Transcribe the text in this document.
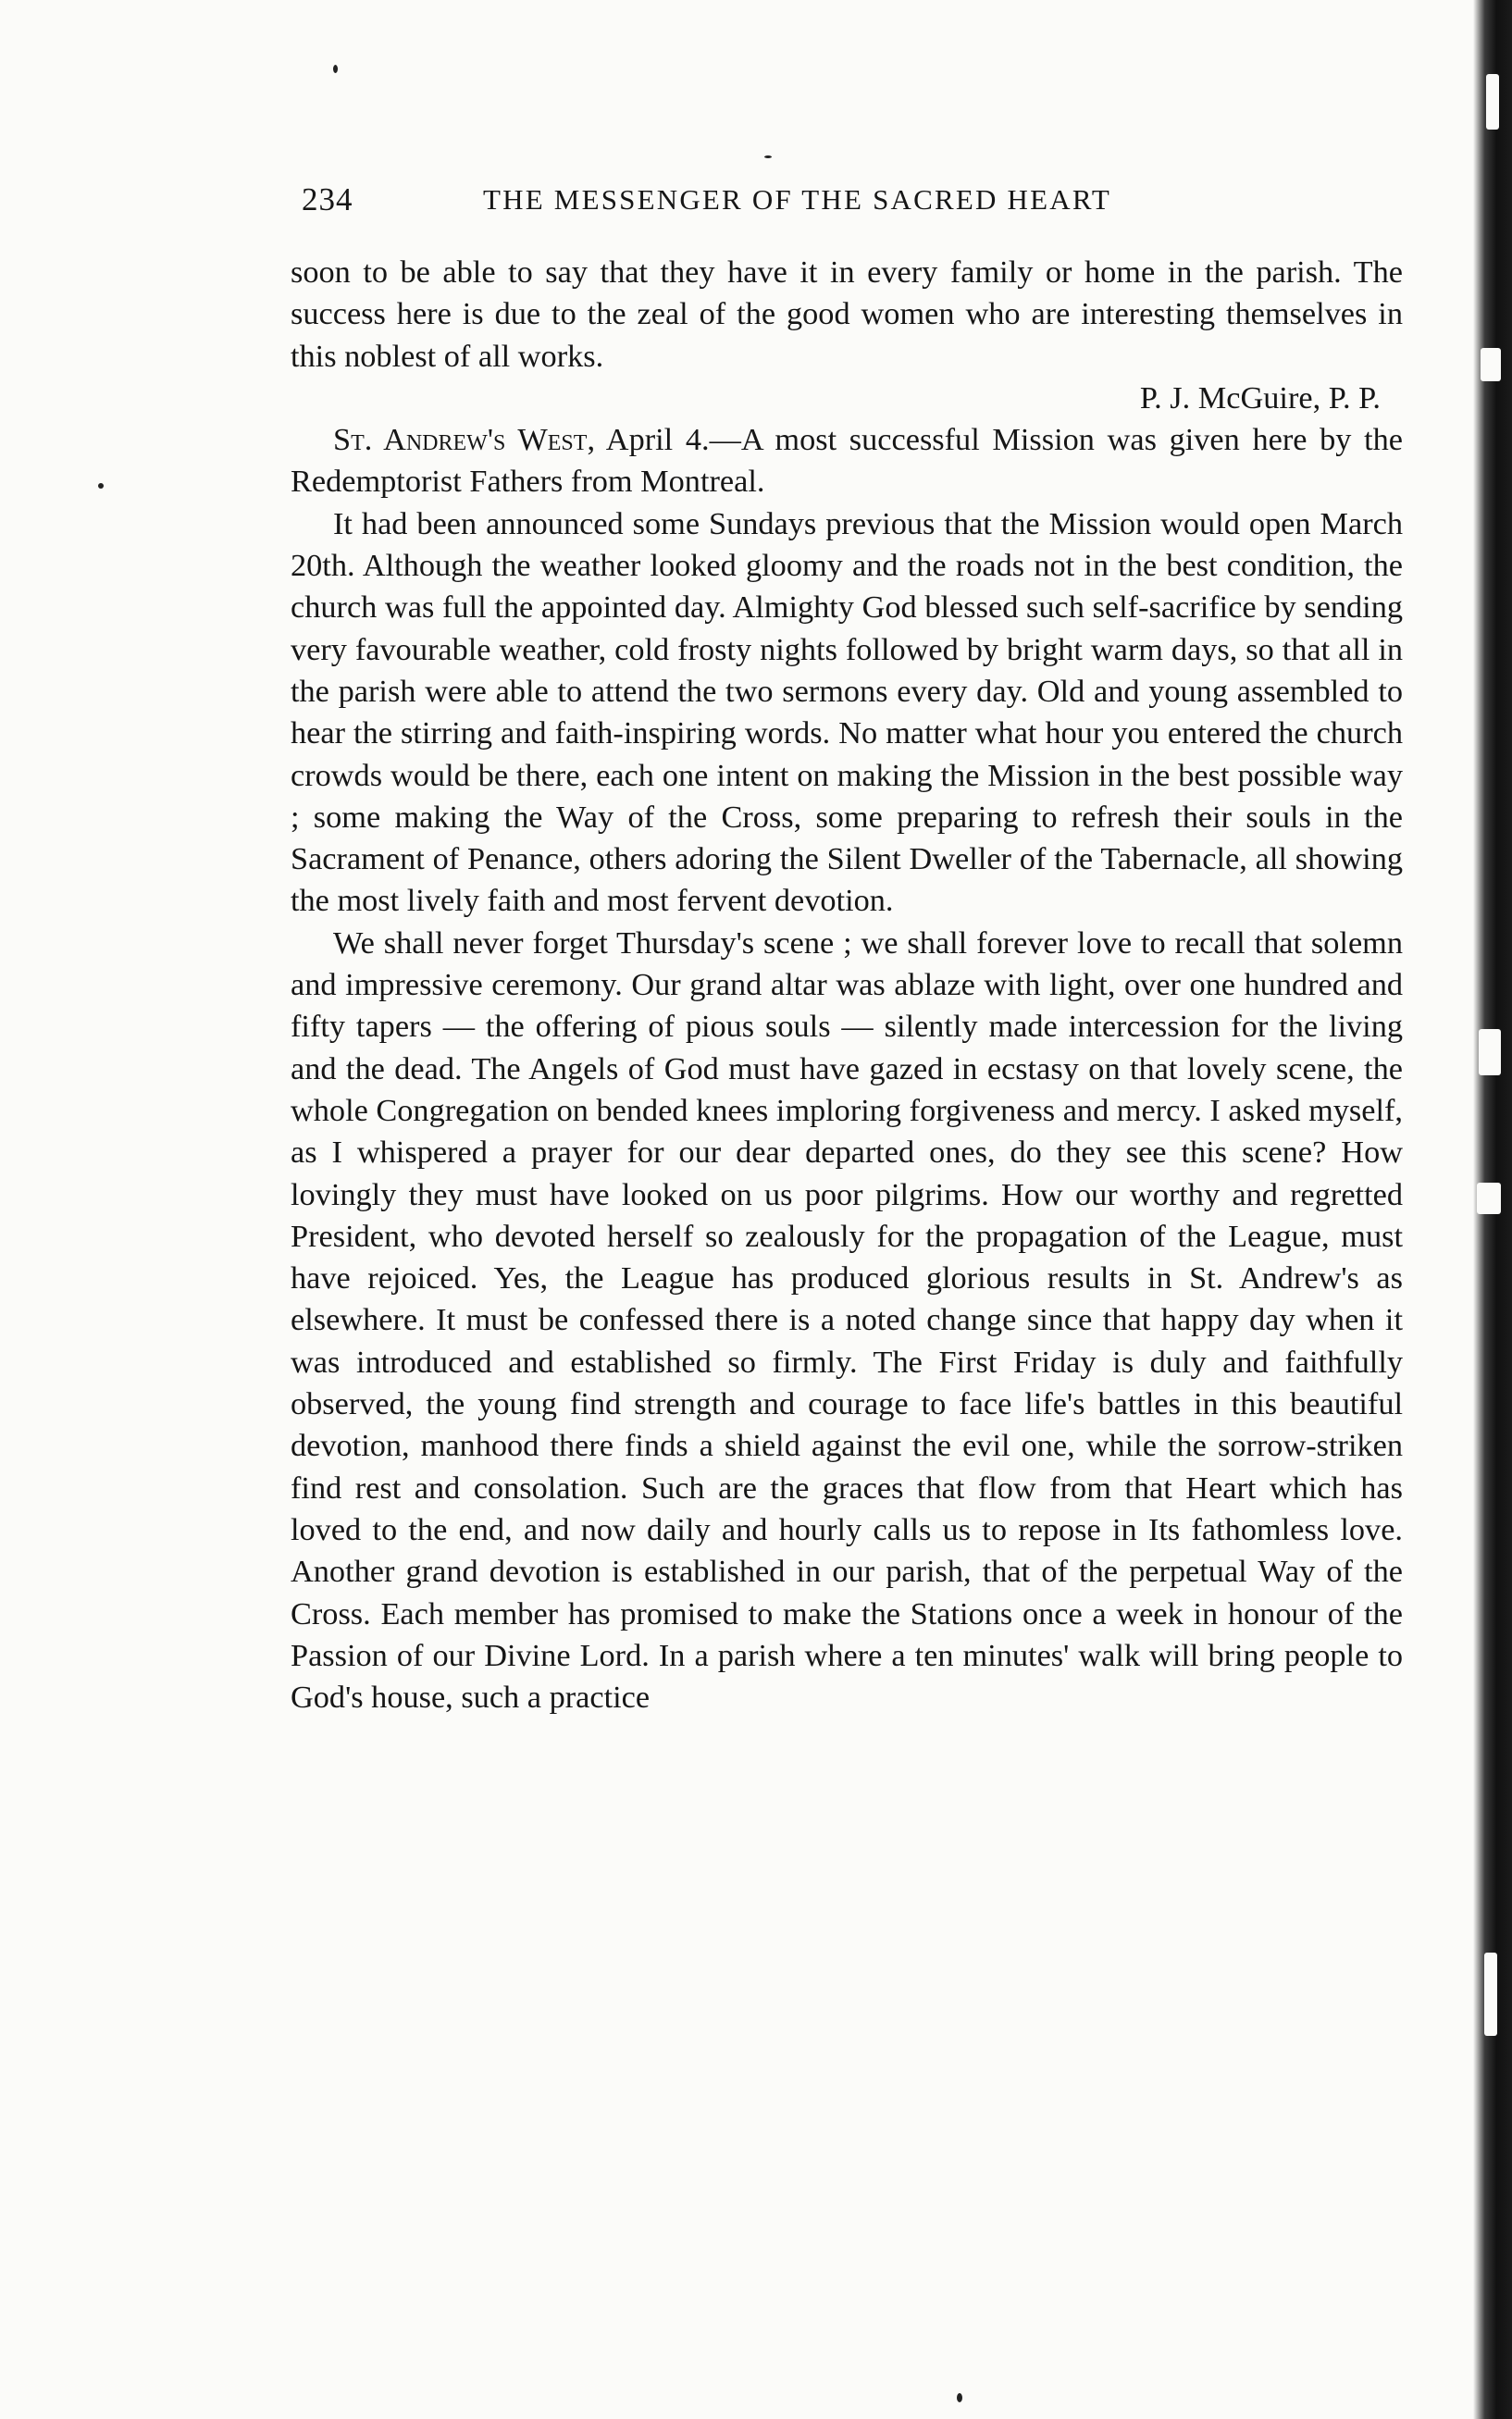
234	THE MESSENGER OF THE SACRED HEART

soon to be able to say that they have it in every family or home in the parish. The success here is due to the zeal of the good women who are interesting themselves in this noblest of all works.

P. J. McGuire, P. P.

St. Andrew's West, April 4.—A most successful Mission was given here by the Redemptorist Fathers from Montreal.

It had been announced some Sundays previous that the Mission would open March 20th. Although the weather looked gloomy and the roads not in the best condition, the church was full the appointed day. Almighty God blessed such self-sacrifice by sending very favourable weather, cold frosty nights followed by bright warm days, so that all in the parish were able to attend the two sermons every day. Old and young assembled to hear the stirring and faith-inspiring words. No matter what hour you entered the church crowds would be there, each one intent on making the Mission in the best possible way ; some making the Way of the Cross, some preparing to refresh their souls in the Sacrament of Penance, others adoring the Silent Dweller of the Tabernacle, all showing the most lively faith and most fervent devotion.

We shall never forget Thursday's scene ; we shall forever love to recall that solemn and impressive ceremony. Our grand altar was ablaze with light, over one hundred and fifty tapers — the offering of pious souls — silently made intercession for the living and the dead. The Angels of God must have gazed in ecstasy on that lovely scene, the whole Congregation on bended knees imploring forgiveness and mercy. I asked myself, as I whispered a prayer for our dear departed ones, do they see this scene? How lovingly they must have looked on us poor pilgrims. How our worthy and regretted President, who devoted herself so zealously for the propagation of the League, must have rejoiced. Yes, the League has produced glorious results in St. Andrew's as elsewhere. It must be confessed there is a noted change since that happy day when it was introduced and established so firmly. The First Friday is duly and faithfully observed, the young find strength and courage to face life's battles in this beautiful devotion, manhood there finds a shield against the evil one, while the sorrow-striken find rest and consolation. Such are the graces that flow from that Heart which has loved to the end, and now daily and hourly calls us to repose in Its fathomless love. Another grand devotion is established in our parish, that of the perpetual Way of the Cross. Each member has promised to make the Stations once a week in honour of the Passion of our Divine Lord. In a parish where a ten minutes' walk will bring people to God's house, such a practice
